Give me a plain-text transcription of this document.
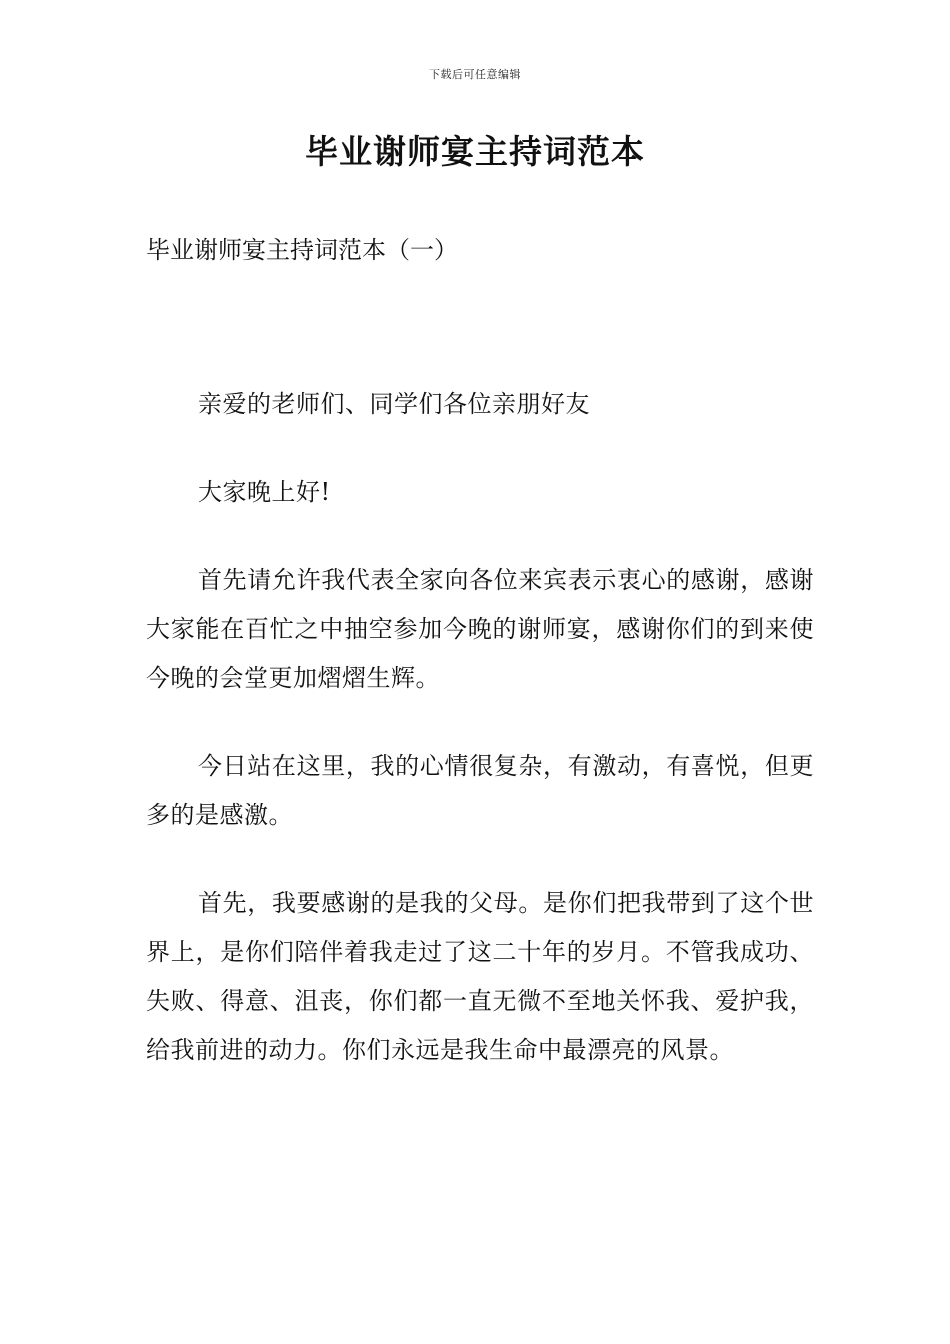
下载后可任意编辑
毕业谢师宴主持词范本
毕业谢师宴主持词范本（一）

亲爱的老师们、同学们各位亲朋好友

大家晚上好!

首先请允许我代表全家向各位来宾表示衷心的感谢，感谢大家能在百忙之中抽空参加今晚的谢师宴，感谢你们的到来使今晚的会堂更加熠熠生辉。

今日站在这里，我的心情很复杂，有激动，有喜悦，但更多的是感激。

首先，我要感谢的是我的父母。是你们把我带到了这个世界上，是你们陪伴着我走过了这二十年的岁月。不管我成功、失败、得意、沮丧，你们都一直无微不至地关怀我、爱护我，给我前进的动力。你们永远是我生命中最漂亮的风景。
